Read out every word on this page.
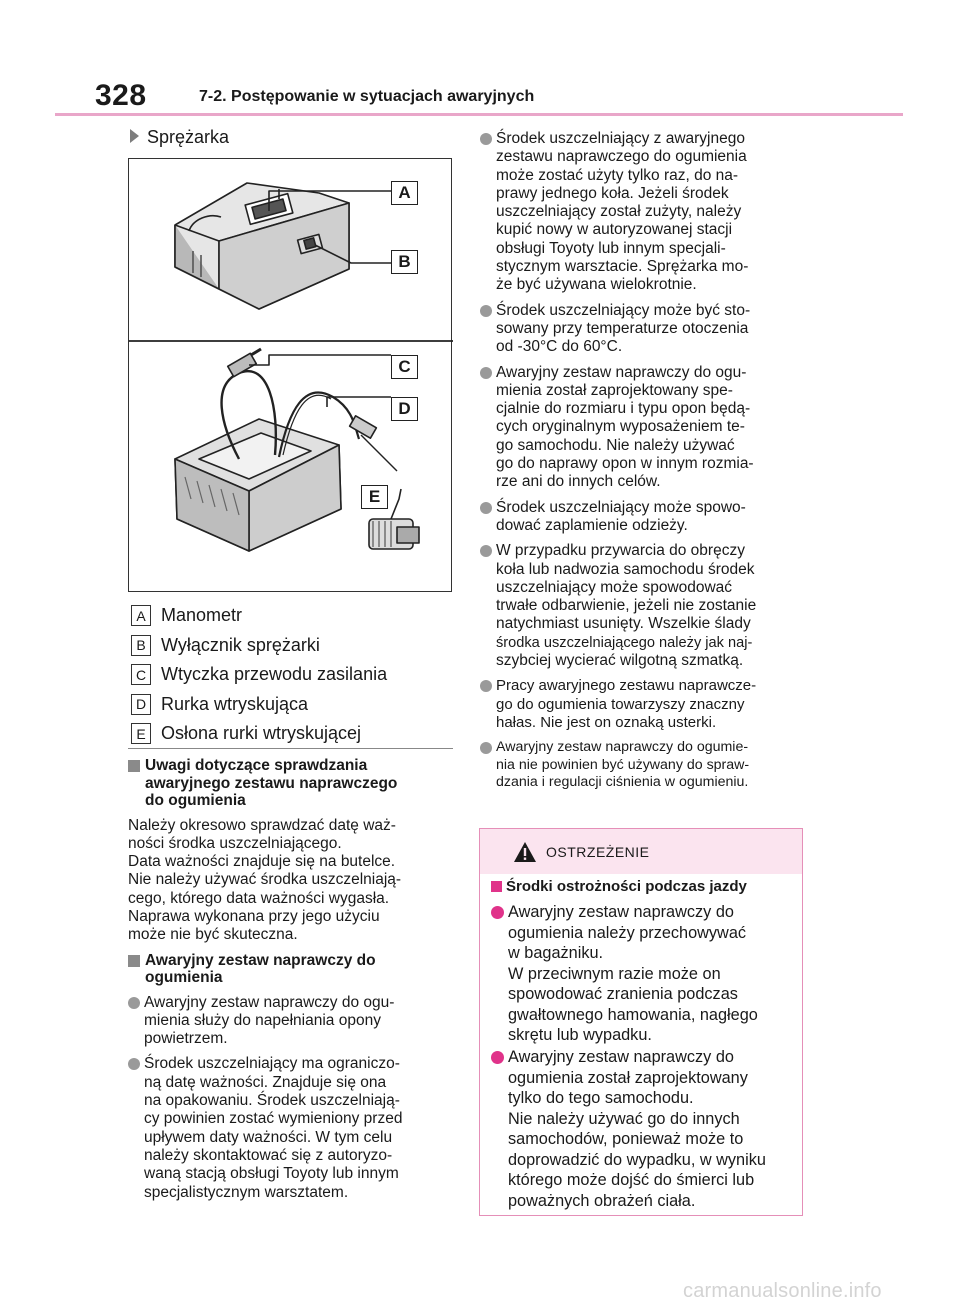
328	7-2. Postępowanie w sytuacjach awaryjnych
Sprężarka
A
B
C
D
E
A Manometr
B Wyłącznik sprężarki
C Wtyczka przewodu zasilania
D Rurka wtryskująca
E Osłona rurki wtryskującej
Uwagi dotyczące sprawdzania
awaryjnego zestawu naprawczego
do ogumienia
Należy okresowo sprawdzać datę waż-
ności środka uszczelniającego.
Data ważności znajduje się na butelce.
Nie należy używać środka uszczelniają-
cego, którego data ważności wygasła.
Naprawa wykonana przy jego użyciu
może nie być skuteczna.
Awaryjny zestaw naprawczy do
ogumienia
Awaryjny zestaw naprawczy do ogu-
mienia służy do napełniania opony
powietrzem.
Środek uszczelniający ma ograniczo-
ną datę ważności. Znajduje się ona
na opakowaniu. Środek uszczelniają-
cy powinien zostać wymieniony przed
upływem daty ważności. W tym celu
należy skontaktować się z autoryzo-
waną stacją obsługi Toyoty lub innym
specjalistycznym warsztatem.
Środek uszczelniający z awaryjnego
zestawu naprawczego do ogumienia
może zostać użyty tylko raz, do na-
prawy jednego koła. Jeżeli środek
uszczelniający został zużyty, należy
kupić nowy w autoryzowanej stacji
obsługi Toyoty lub innym specjali-
stycznym warsztacie. Sprężarka mo-
że być używana wielokrotnie.
Środek uszczelniający może być sto-
sowany przy temperaturze otoczenia
od -30°C do 60°C.
Awaryjny zestaw naprawczy do ogu-
mienia został zaprojektowany spe-
cjalnie do rozmiaru i typu opon będą-
cych oryginalnym wyposażeniem te-
go samochodu. Nie należy używać
go do naprawy opon w innym rozmia-
rze ani do innych celów.
Środek uszczelniający może spowo-
dować zaplamienie odzieży.
W przypadku przywarcia do obręczy
koła lub nadwozia samochodu środek
uszczelniający może spowodować
trwałe odbarwienie, jeżeli nie zostanie
natychmiast usunięty. Wszelkie ślady
środka uszczelniającego należy jak naj-
szybciej wycierać wilgotną szmatką.
Pracy awaryjnego zestawu naprawcze-
go do ogumienia towarzyszy znaczny
hałas. Nie jest on oznaką usterki.
Awaryjny zestaw naprawczy do ogumie-
nia nie powinien być używany do spraw-
dzania i regulacji ciśnienia w ogumieniu.
OSTRZEŻENIE
Środki ostrożności podczas jazdy
Awaryjny zestaw naprawczy do
ogumienia należy przechowywać
w bagażniku.
W przeciwnym razie może on
spowodować zranienia podczas
gwałtownego hamowania, nagłego
skrętu lub wypadku.
Awaryjny zestaw naprawczy do
ogumienia został zaprojektowany
tylko do tego samochodu.
Nie należy używać go do innych
samochodów, ponieważ może to
doprowadzić do wypadku, w wyniku
którego może dojść do śmierci lub
poważnych obrażeń ciała.
carmanualsonline.info
